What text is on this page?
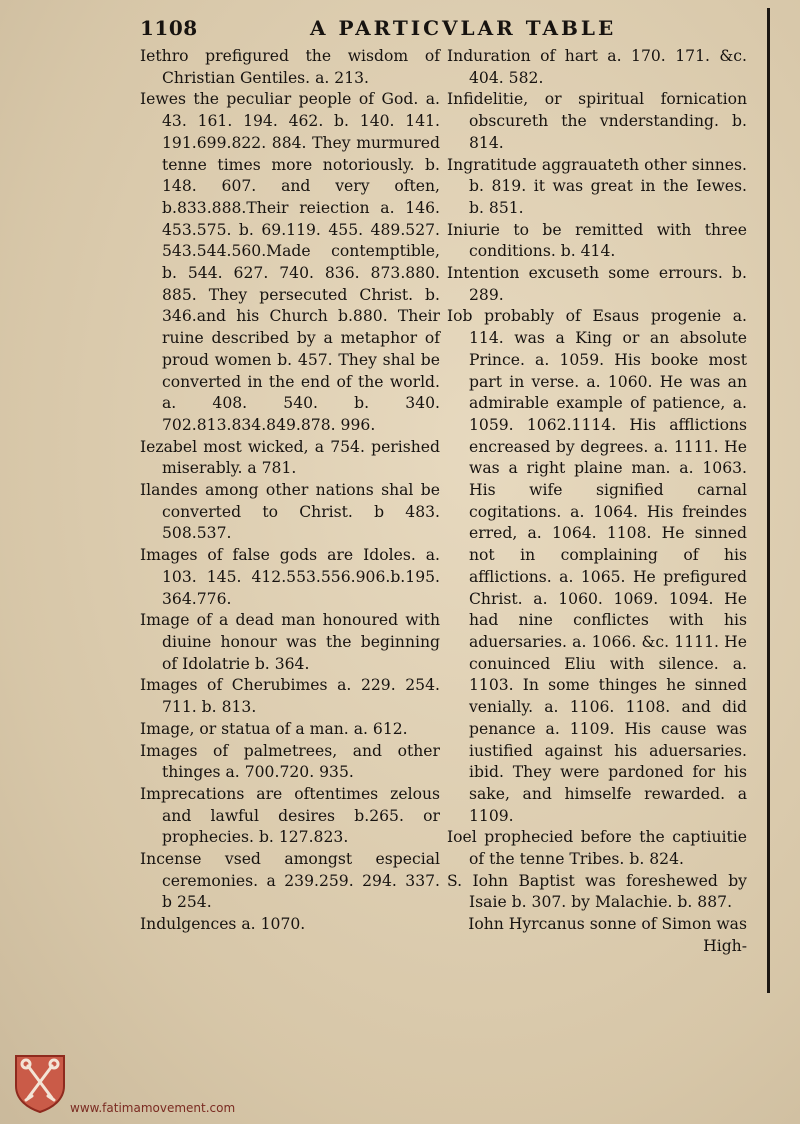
1108	A PARTICVLAR TABLE
Iethro prefigured the wisdom of Christian Gentiles. a. 213.
Iewes the peculiar people of God. a. 43. 161. 194. 462. b. 140. 141. 191.699.822. 884. They murmured tenne times more notoriously. b. 148. 607. and very often, b.833.888.Their reiection a. 146. 453.575. b. 69.119. 455. 489.527. 543.544.560.Made contemptible, b. 544. 627. 740. 836. 873.880. 885. They persecuted Christ. b. 346.and his Church b.880. Their ruine described by a metaphor of proud women b. 457. They shal be converted in the end of the world. a. 408. 540. b. 340. 702.813.834.849.878. 996.
Iezabel most wicked, a 754. perished miserably. a 781.
Ilandes among other nations shal be converted to Christ. b 483. 508.537.
Images of false gods are Idoles. a. 103. 145. 412.553.556.906.b.195. 364.776.
Image of a dead man honoured with diuine honour was the beginning of Idolatrie b. 364.
Images of Cherubimes a. 229. 254. 711. b. 813.
Image, or statua of a man. a. 612.
Images of palmetrees, and other thinges a. 700.720. 935.
Imprecations are oftentimes zelous and lawful desires b.265. or prophecies. b. 127.823.
Incense vsed amongst especial ceremonies. a 239.259. 294. 337. b 254.
Indulgences a. 1070.
Induration of hart a. 170. 171. &c. 404. 582.
Infidelitie, or spiritual fornication obscureth the vnderstanding. b. 814.
Ingratitude aggrauateth other sinnes. b. 819. it was great in the Iewes. b. 851.
Iniurie to be remitted with three conditions. b. 414.
Intention excuseth some errours. b. 289.
Iob probably of Esaus progenie a. 114. was a King or an absolute Prince. a. 1059. His booke most part in verse. a. 1060. He was an admirable example of patience, a. 1059. 1062.1114. His afflictions encreased by degrees. a. 1111. He was a right plaine man. a. 1063. His wife signified carnal cogitations. a. 1064. His freindes erred, a. 1064. 1108. He sinned not in complaining of his afflictions. a. 1065. He prefigured Christ. a. 1060. 1069. 1094. He had nine conflictes with his aduersaries. a. 1066. &c. 1111. He conuinced Eliu with silence. a. 1103. In some thinges he sinned venially. a. 1106. 1108. and did penance a. 1109. His cause was iustified against his aduersaries. ibid. They were pardoned for his sake, and himselfe rewarded. a 1109.
Ioel prophecied before the captiuitie of the tenne Tribes. b. 824.
S. Iohn Baptist was foreshewed by Isaie b. 307. by Malachie. b. 887.
Iohn Hyrcanus sonne of Simon was High-
www.fatimamovement.com
